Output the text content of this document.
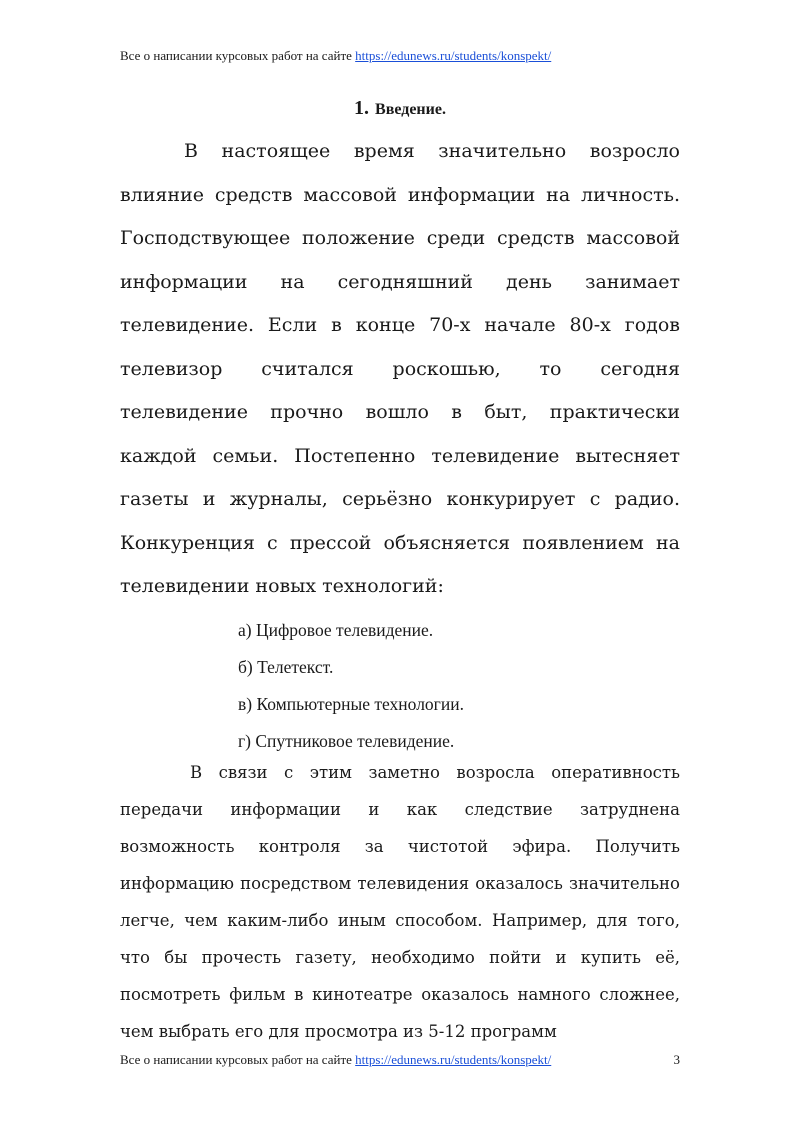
Все о написании курсовых работ на сайте https://edunews.ru/students/konspekt/
1. Введение.

В настоящее время значительно возросло влияние средств массовой информации на личность. Господствующее положение среди средств массовой информации на сегодняшний день занимает телевидение. Если в конце 70-х начале 80-х годов телевизор считался роскошью, то сегодня телевидение прочно вошло в быт, практически каждой семьи. Постепенно телевидение вытесняет газеты и журналы, серьёзно конкурирует с радио. Конкуренция с прессой объясняется появлением на телевидении новых технологий:

а) Цифровое телевидение.
б) Телетекст.
в) Компьютерные технологии.
г) Спутниковое телевидение.

В связи с этим заметно возросла оперативность передачи информации и как следствие затруднена возможность контроля за чистотой эфира. Получить информацию посредством телевидения оказалось значительно легче, чем каким-либо иным способом. Например, для того, что бы прочесть газету, необходимо пойти и купить её, посмотреть фильм в кинотеатре оказалось намного сложнее, чем выбрать его для просмотра из 5-12 программ

Все о написании курсовых работ на сайте https://edunews.ru/students/konspekt/	3
